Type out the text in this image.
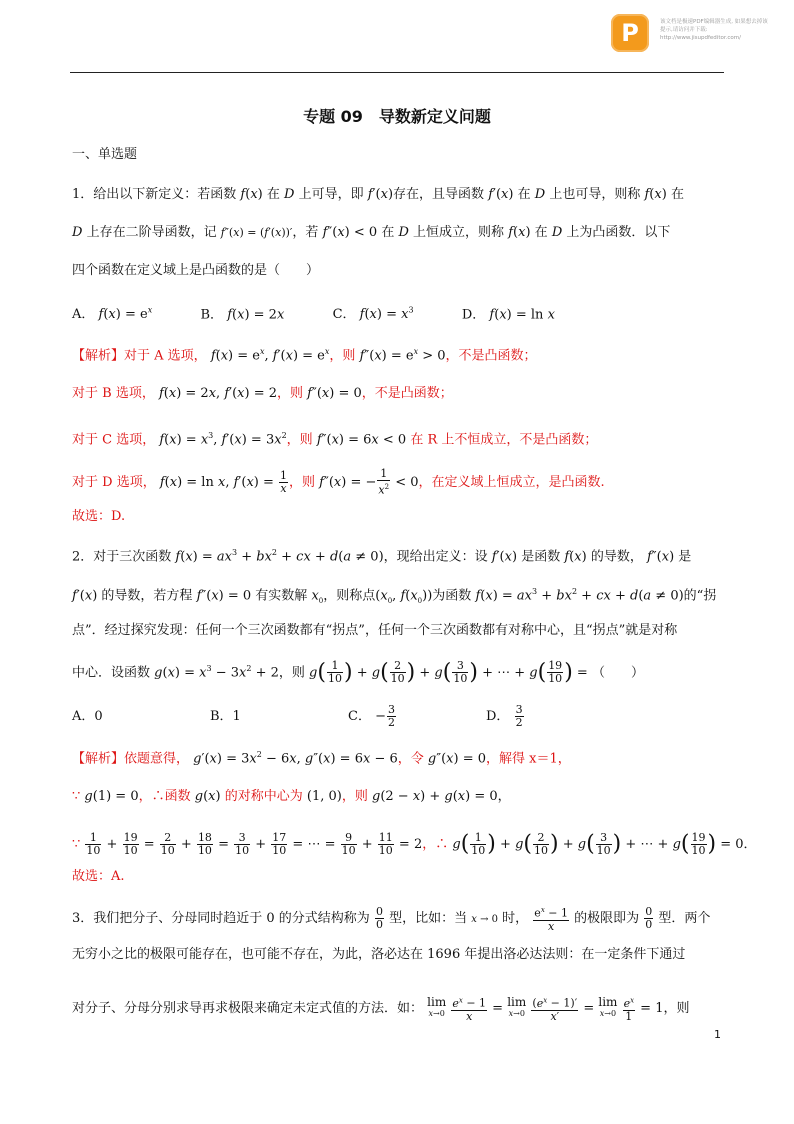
P	该文档是极速PDF编辑器生成, 如果想去掉该提示,请访问并下载: http://www.jisupdfeditor.com/
专题 09　导数新定义问题
一、单选题
1．给出以下新定义：若函数 f(x) 在 D 上可导，即 f′(x)存在，且导函数 f′(x) 在 D 上也可导，则称 f(x) 在
D 上存在二阶导函数，记 f″(x) = (f′(x))′，若 f″(x) < 0 在 D 上恒成立，则称 f(x) 在 D 上为凸函数．以下
四个函数在定义域上是凸函数的是（　　）
A． $f(x) = e^x$	B． f(x) = 2x	C． $f(x) = x^3$	D． f(x) = ln x
【解析】对于 A 选项， $f(x) = e^x$, $f'(x) = e^x$，则 $f''(x) = e^x > 0$，不是凸函数；
对于 B 选项， f(x) = 2x, f′(x) = 2，则 f″(x) = 0，不是凸函数；
对于 C 选项， $f(x) = x^3$, $f'(x) = 3x^2$，则 f″(x) = 6x < 0 在 R 上不恒成立，不是凸函数；
对于 D 选项， f(x) = ln x, $f'(x) = \frac{1}{x}$ ，则 f″(x) = − $\frac{1}{x^2} < 0$，在定义域上恒成立，是凸函数.
故选：D.
2．对于三次函数 $f(x) = ax^3 + bx^2$ + cx + d(a ≠ 0)，现给出定义：设 f′(x) 是函数 f(x) 的导数， f″(x) 是
f′(x) 的导数，若方程 f″(x) = 0 有实数解 $x_0$，则称点($x_0$, $f(x_0)$)为函数 $f(x) = ax^3 + bx^2$ + cx + d(a ≠ 0)的“拐
点”．经过探究发现：任何一个三次函数都有“拐点”，任何一个三次函数都有对称中心，且“拐点”就是对称
中心．设函数 $g(x) = x^3 - 3x^2 + 2$，则 $g( \frac{1}{10}$ ) + $g( \frac{2}{10}$ ) + $g( \frac{3}{10}$ ) + ⋯ + $g( \frac{19}{10}$ ) = （　　）
A．0	B．1	C． − $\frac{3}{2}$	D． $\frac{3}{2}$
【解析】依题意得， $g'(x) = 3x^2 - 6x$, g″(x) = 6x − 6，令 g″(x) = 0，解得 x＝1，
∵ g(1) = 0，∴函数 g(x) 的对称中心为 (1, 0)，则 g(2 − x) + g(x) = 0，
∵ $\frac{1}{10} + \frac{19}{10} = \frac{2}{10} + \frac{18}{10} = \frac{3}{10} + \frac{17}{10}$ = ⋯ = $\frac{9}{10} + \frac{11}{10} = 2$，∴ $g( \frac{1}{10}$ ) + $g( \frac{2}{10}$ ) + $g( \frac{3}{10}$ ) + ⋯ + $g( \frac{19}{10}$ ) = 0．
故选：A.
3．我们把分子、分母同时趋近于 0 的分式结构称为 $\frac{0}{0}$ 型，比如：当 x → 0 时， $\frac{e^x - 1}{x}$ 的极限即为 $\frac{0}{0}$ 型．两个
无穷小之比的极限可能存在，也可能不存在，为此，洛必达在 1696 年提出洛必达法则：在一定条件下通过
对分子、分母分别求导再求极限来确定未定式值的方法．如： lim
x→0
$\frac{e^x - 1}{x} = \lim$
x→0
$\frac{(e^x - 1)'}{x'} = \lim$
x→0
$\frac{e^x}{1} = 1$，则
1
